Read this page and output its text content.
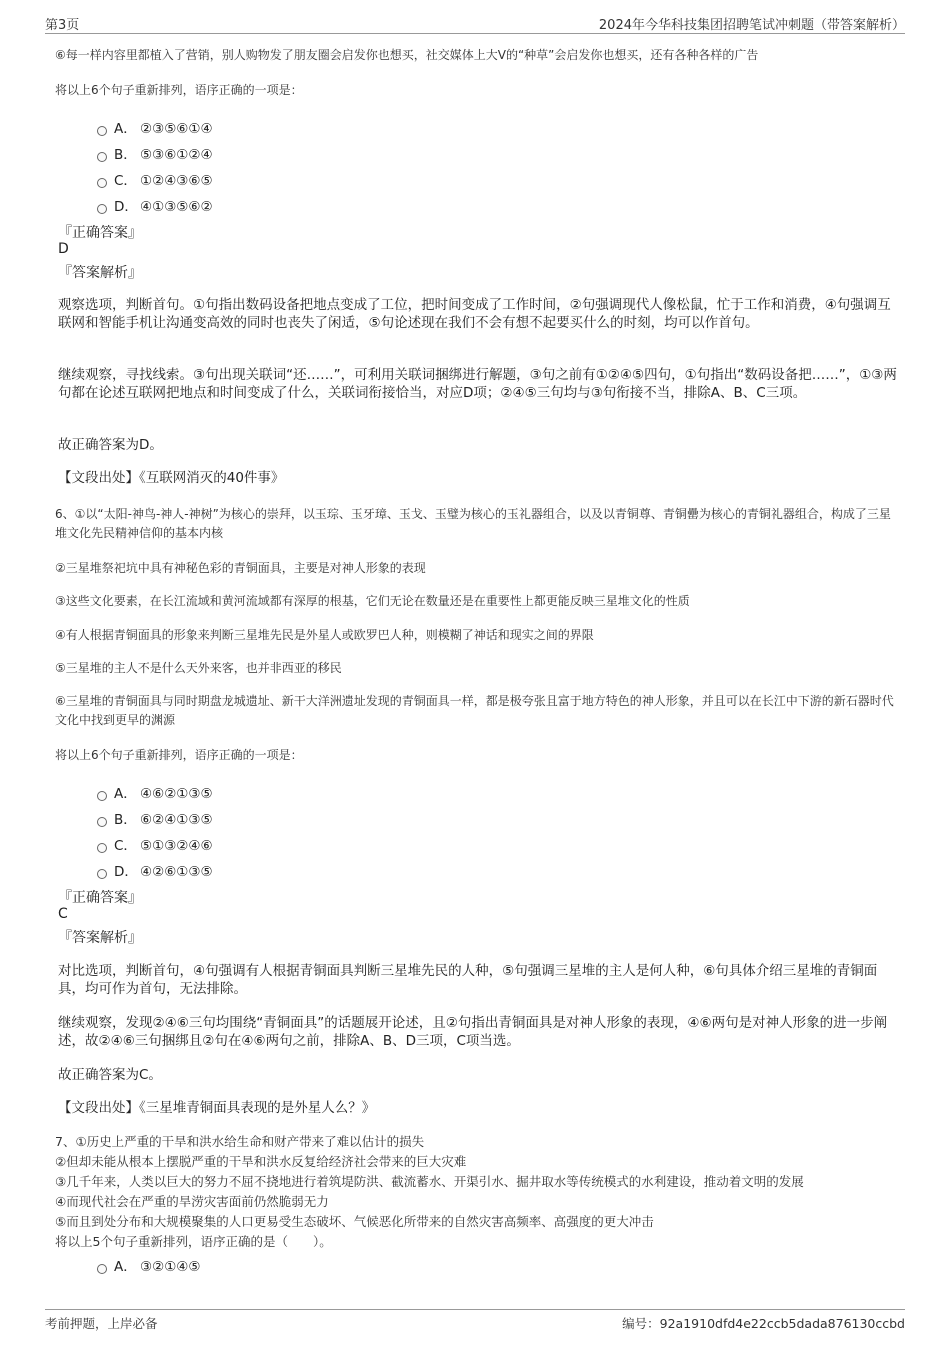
第3页	2024年今华科技集团招聘笔试冲刺题（带答案解析）
⑥每一样内容里都植入了营销，别人购物发了朋友圈会启发你也想买，社交媒体上大V的“种草”会启发你也想买，还有各种各样的广告
将以上6个句子重新排列，语序正确的一项是：
A． ②③⑤⑥①④
B． ⑤③⑥①②④
C． ①②④③⑥⑤
D． ④①③⑤⑥②
『正确答案』
D
『答案解析』
观察选项，判断首句。①句指出数码设备把地点变成了工位，把时间变成了工作时间，②句强调现代人像松鼠，忙于工作和消费，④句强调互联网和智能手机让沟通变高效的同时也丧失了闲适，⑤句论述现在我们不会有想不起要买什么的时刻，均可以作首句。
继续观察，寻找线索。③句出现关联词“还……”，可利用关联词捆绑进行解题，③句之前有①②④⑤四句，①句指出“数码设备把……”，①③两句都在论述互联网把地点和时间变成了什么，关联词衔接恰当，对应D项；②④⑤三句均与③句衔接不当，排除A、B、C三项。
故正确答案为D。
【文段出处】《互联网消灭的40件事》
6、①以“太阳-神鸟-神人-神树”为核心的崇拜，以玉琮、玉牙璋、玉戈、玉璧为核心的玉礼器组合，以及以青铜尊、青铜罍为核心的青铜礼器组合，构成了三星堆文化先民精神信仰的基本内核
②三星堆祭祀坑中具有神秘色彩的青铜面具，主要是对神人形象的表现
③这些文化要素，在长江流域和黄河流域都有深厚的根基，它们无论在数量还是在重要性上都更能反映三星堆文化的性质
④有人根据青铜面具的形象来判断三星堆先民是外星人或欧罗巴人种，则模糊了神话和现实之间的界限
⑤三星堆的主人不是什么天外来客，也并非西亚的移民
⑥三星堆的青铜面具与同时期盘龙城遗址、新干大洋洲遗址发现的青铜面具一样，都是极夸张且富于地方特色的神人形象，并且可以在长江中下游的新石器时代文化中找到更早的渊源
将以上6个句子重新排列，语序正确的一项是：
A． ④⑥②①③⑤
B． ⑥②④①③⑤
C． ⑤①③②④⑥
D． ④②⑥①③⑤
『正确答案』
C
『答案解析』
对比选项，判断首句，④句强调有人根据青铜面具判断三星堆先民的人种，⑤句强调三星堆的主人是何人种，⑥句具体介绍三星堆的青铜面具，均可作为首句，无法排除。
继续观察，发现②④⑥三句均围绕“青铜面具”的话题展开论述，且②句指出青铜面具是对神人形象的表现，④⑥两句是对神人形象的进一步阐述，故②④⑥三句捆绑且②句在④⑥两句之前，排除A、B、D三项，C项当选。
故正确答案为C。
【文段出处】《三星堆青铜面具表现的是外星人么？》
7、①历史上严重的干旱和洪水给生命和财产带来了难以估计的损失
②但却未能从根本上摆脱严重的干旱和洪水反复给经济社会带来的巨大灾难
③几千年来，人类以巨大的努力不屈不挠地进行着筑堤防洪、截流蓄水、开渠引水、掘井取水等传统模式的水利建设，推动着文明的发展
④而现代社会在严重的旱涝灾害面前仍然脆弱无力
⑤而且到处分布和大规模聚集的人口更易受生态破坏、气候恶化所带来的自然灾害高频率、高强度的更大冲击
将以上5个句子重新排列，语序正确的是（　　）。
A． ③②①④⑤
考前押题，上岸必备	编号：92a1910dfd4e22ccb5dada876130ccbd
